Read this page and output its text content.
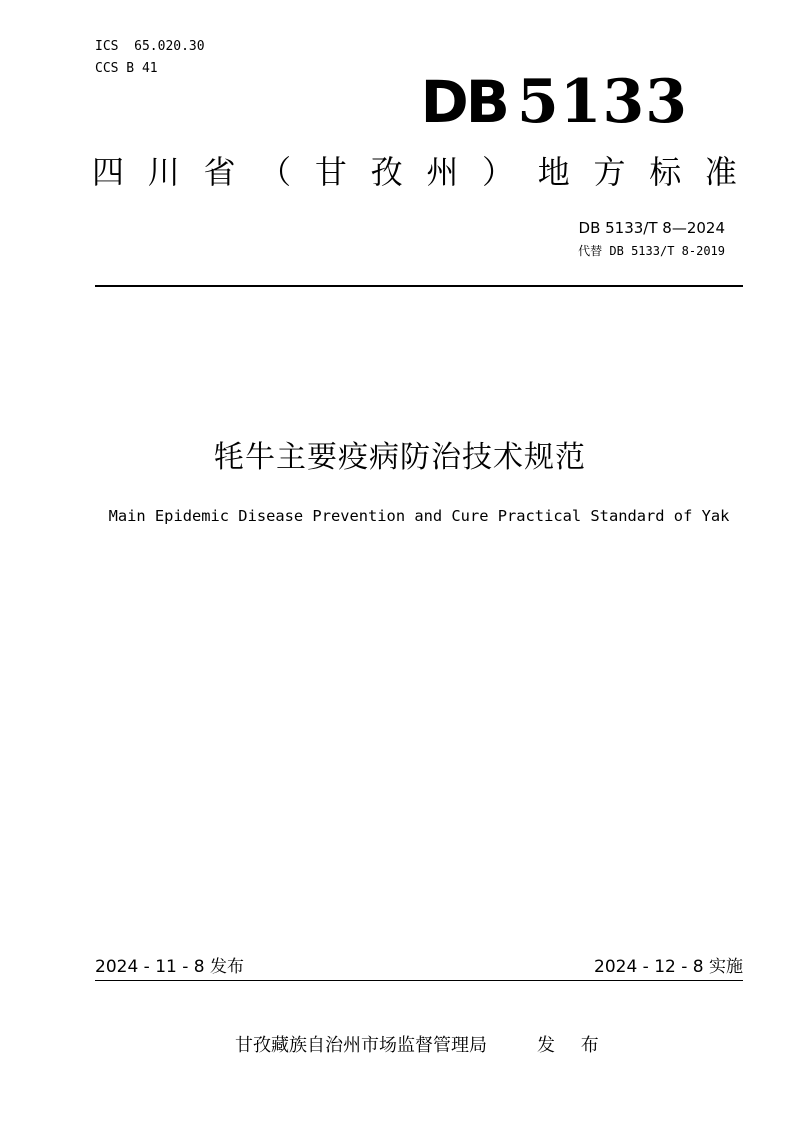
ICS  65.020.30
CCS B 41	DB 5133
四 川 省 （ 甘 孜 州 ） 地 方 标 准
DB 5133/T 8—2024
代替 DB 5133/T 8-2019
牦牛主要疫病防治技术规范
Main Epidemic Disease Prevention and Cure Practical Standard of Yak
2024 - 11 - 8 发布	2024 - 12 - 8 实施
甘孜藏族自治州市场监督管理局	发 布
